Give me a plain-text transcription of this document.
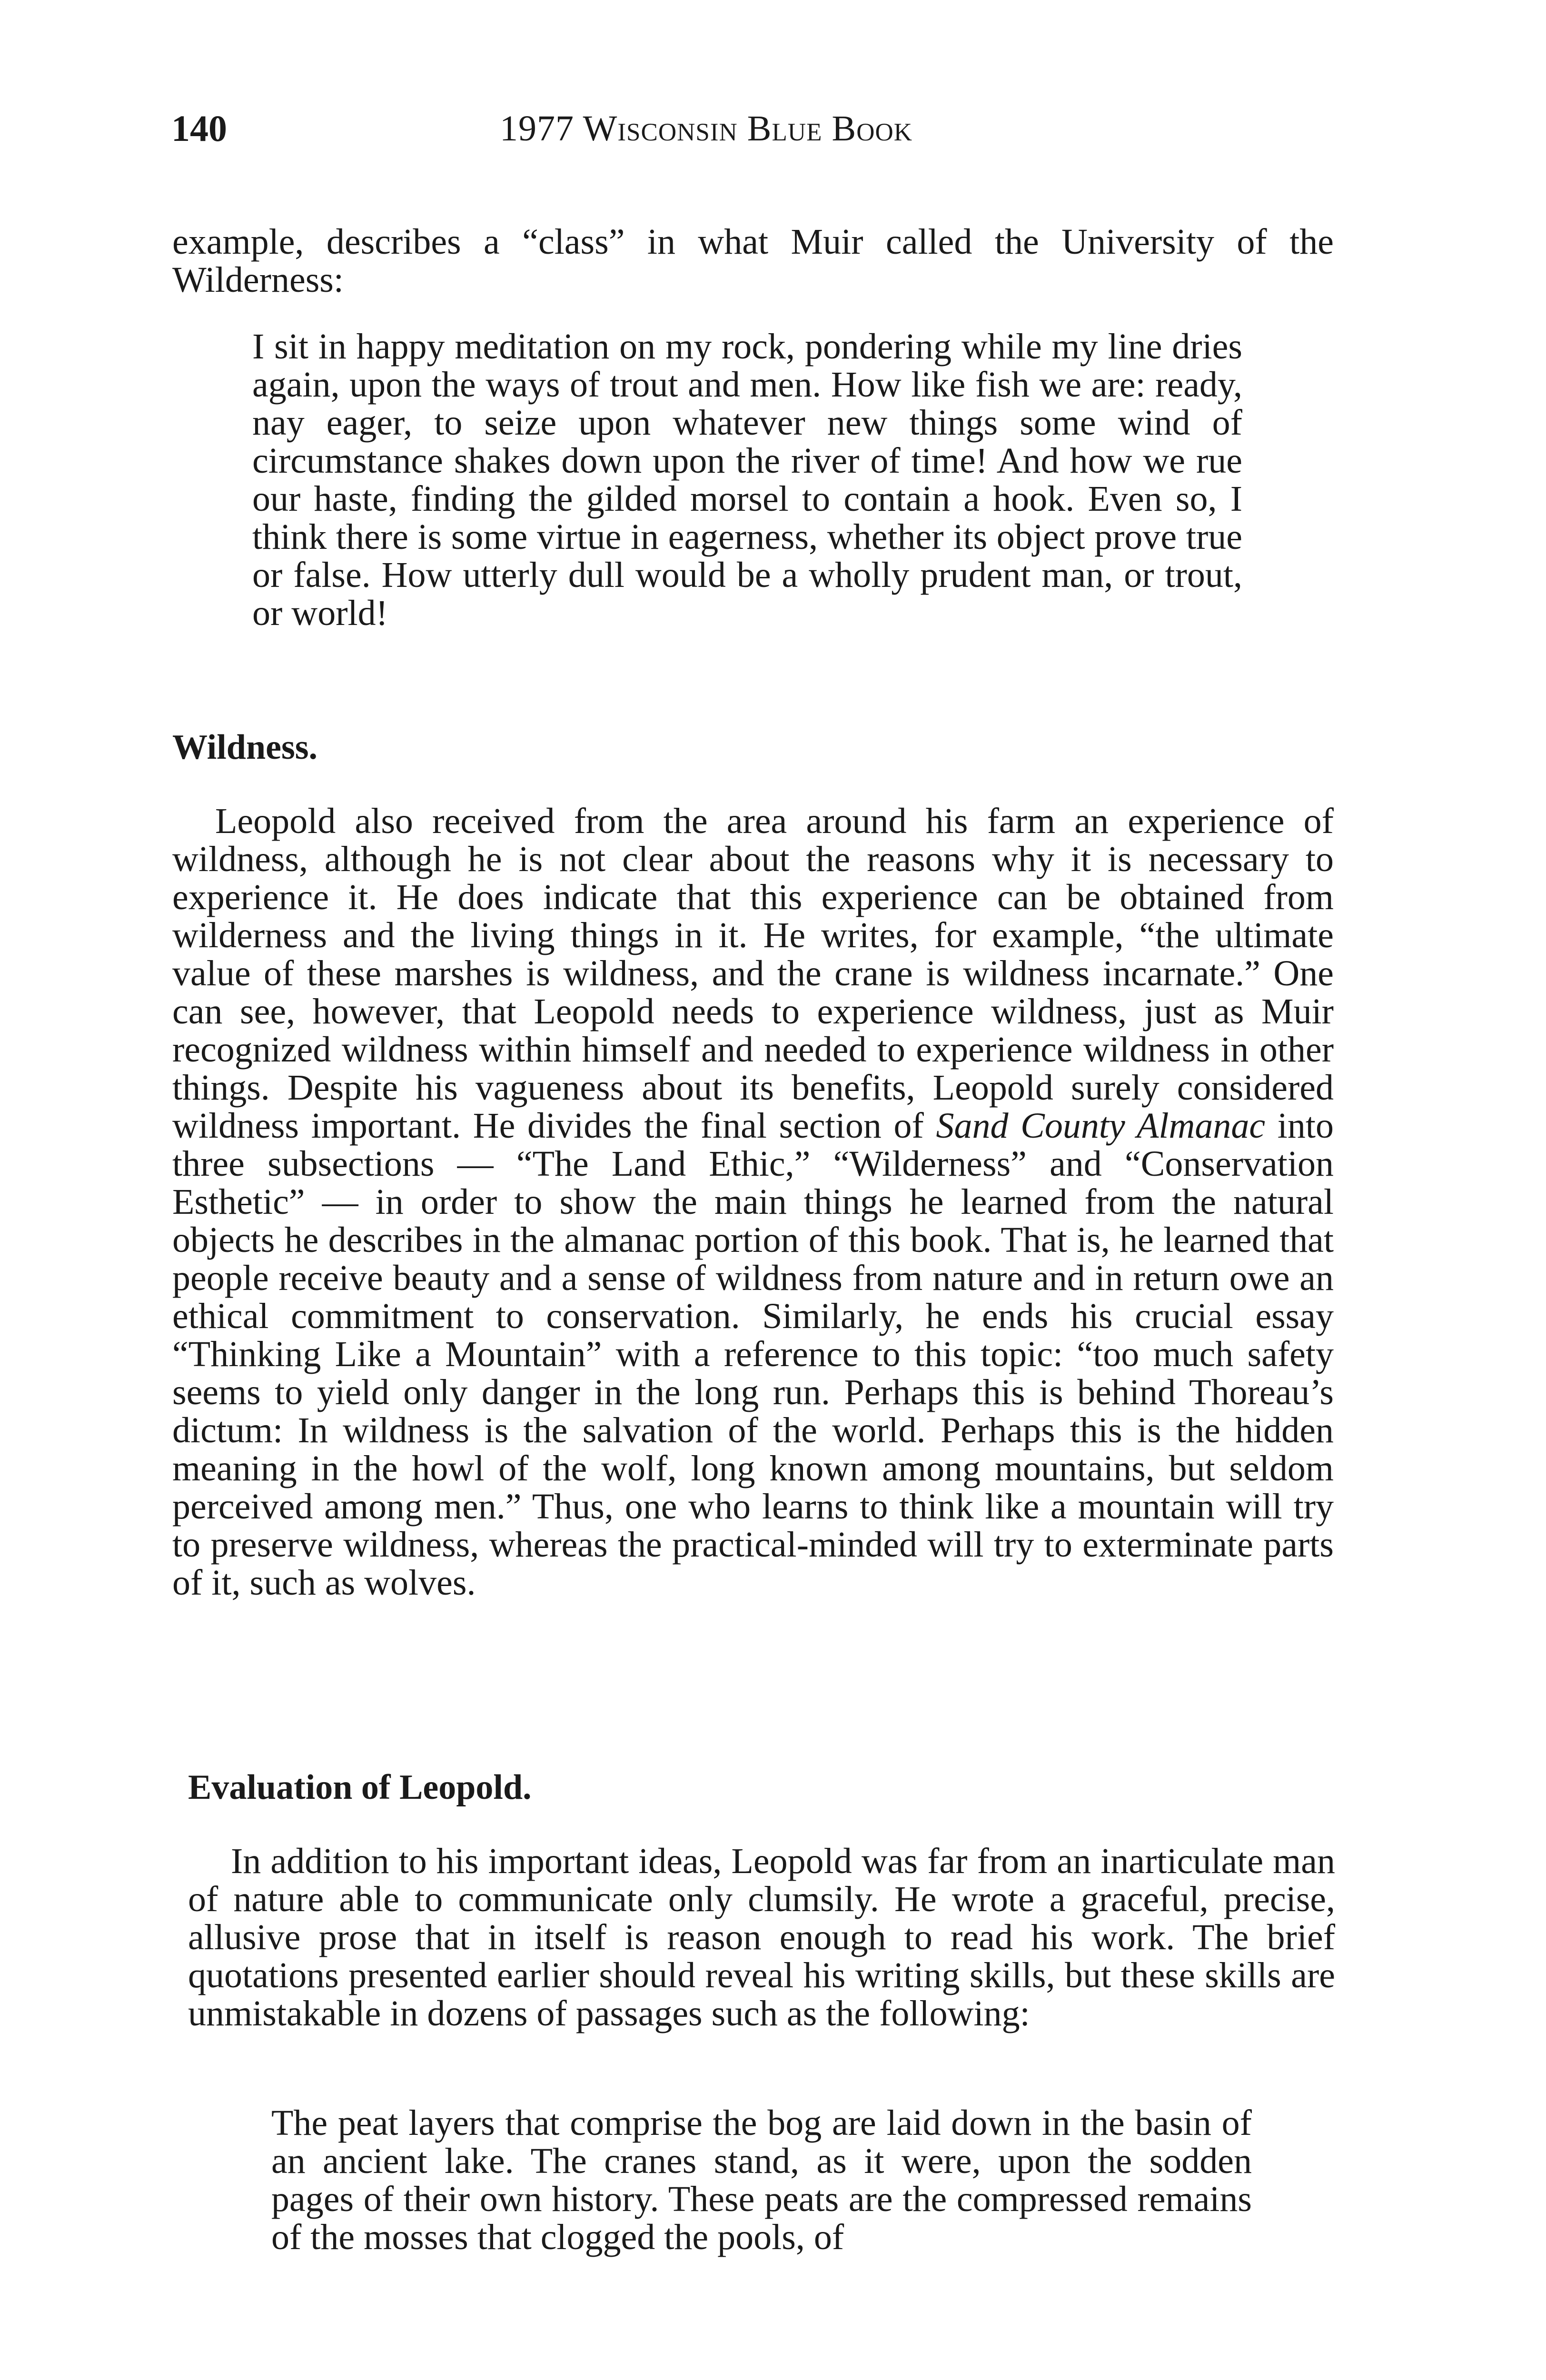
140	1977 Wisconsin Blue Book

example, describes a “class” in what Muir called the University of the Wilderness:

I sit in happy meditation on my rock, pondering while my line dries again, upon the ways of trout and men. How like fish we are: ready, nay eager, to seize upon whatever new things some wind of circumstance shakes down upon the river of time! And how we rue our haste, finding the gilded morsel to contain a hook. Even so, I think there is some virtue in eagerness, whether its object prove true or false. How utterly dull would be a wholly prudent man, or trout, or world!

Wildness.

Leopold also received from the area around his farm an experience of wildness, although he is not clear about the reasons why it is necessary to experience it. He does indicate that this experience can be obtained from wilderness and the living things in it. He writes, for example, “the ultimate value of these marshes is wildness, and the crane is wildness incarnate.” One can see, however, that Leopold needs to experience wildness, just as Muir recognized wildness within himself and needed to experience wildness in other things. Despite his vagueness about its benefits, Leopold surely considered wildness important. He divides the final section of Sand County Almanac into three subsections — “The Land Ethic,” “Wilderness” and “Conservation Esthetic” — in order to show the main things he learned from the natural objects he describes in the almanac portion of this book. That is, he learned that people receive beauty and a sense of wildness from nature and in return owe an ethical commitment to conservation. Similarly, he ends his crucial essay “Thinking Like a Mountain” with a reference to this topic: “too much safety seems to yield only danger in the long run. Perhaps this is behind Thoreau’s dictum: In wildness is the salvation of the world. Perhaps this is the hidden meaning in the howl of the wolf, long known among mountains, but seldom perceived among men.” Thus, one who learns to think like a mountain will try to preserve wildness, whereas the practical-minded will try to exterminate parts of it, such as wolves.

Evaluation of Leopold.

In addition to his important ideas, Leopold was far from an inarticulate man of nature able to communicate only clumsily. He wrote a graceful, precise, allusive prose that in itself is reason enough to read his work. The brief quotations presented earlier should reveal his writing skills, but these skills are unmistakable in dozens of passages such as the following:

The peat layers that comprise the bog are laid down in the basin of an ancient lake. The cranes stand, as it were, upon the sodden pages of their own history. These peats are the compressed remains of the mosses that clogged the pools, of
